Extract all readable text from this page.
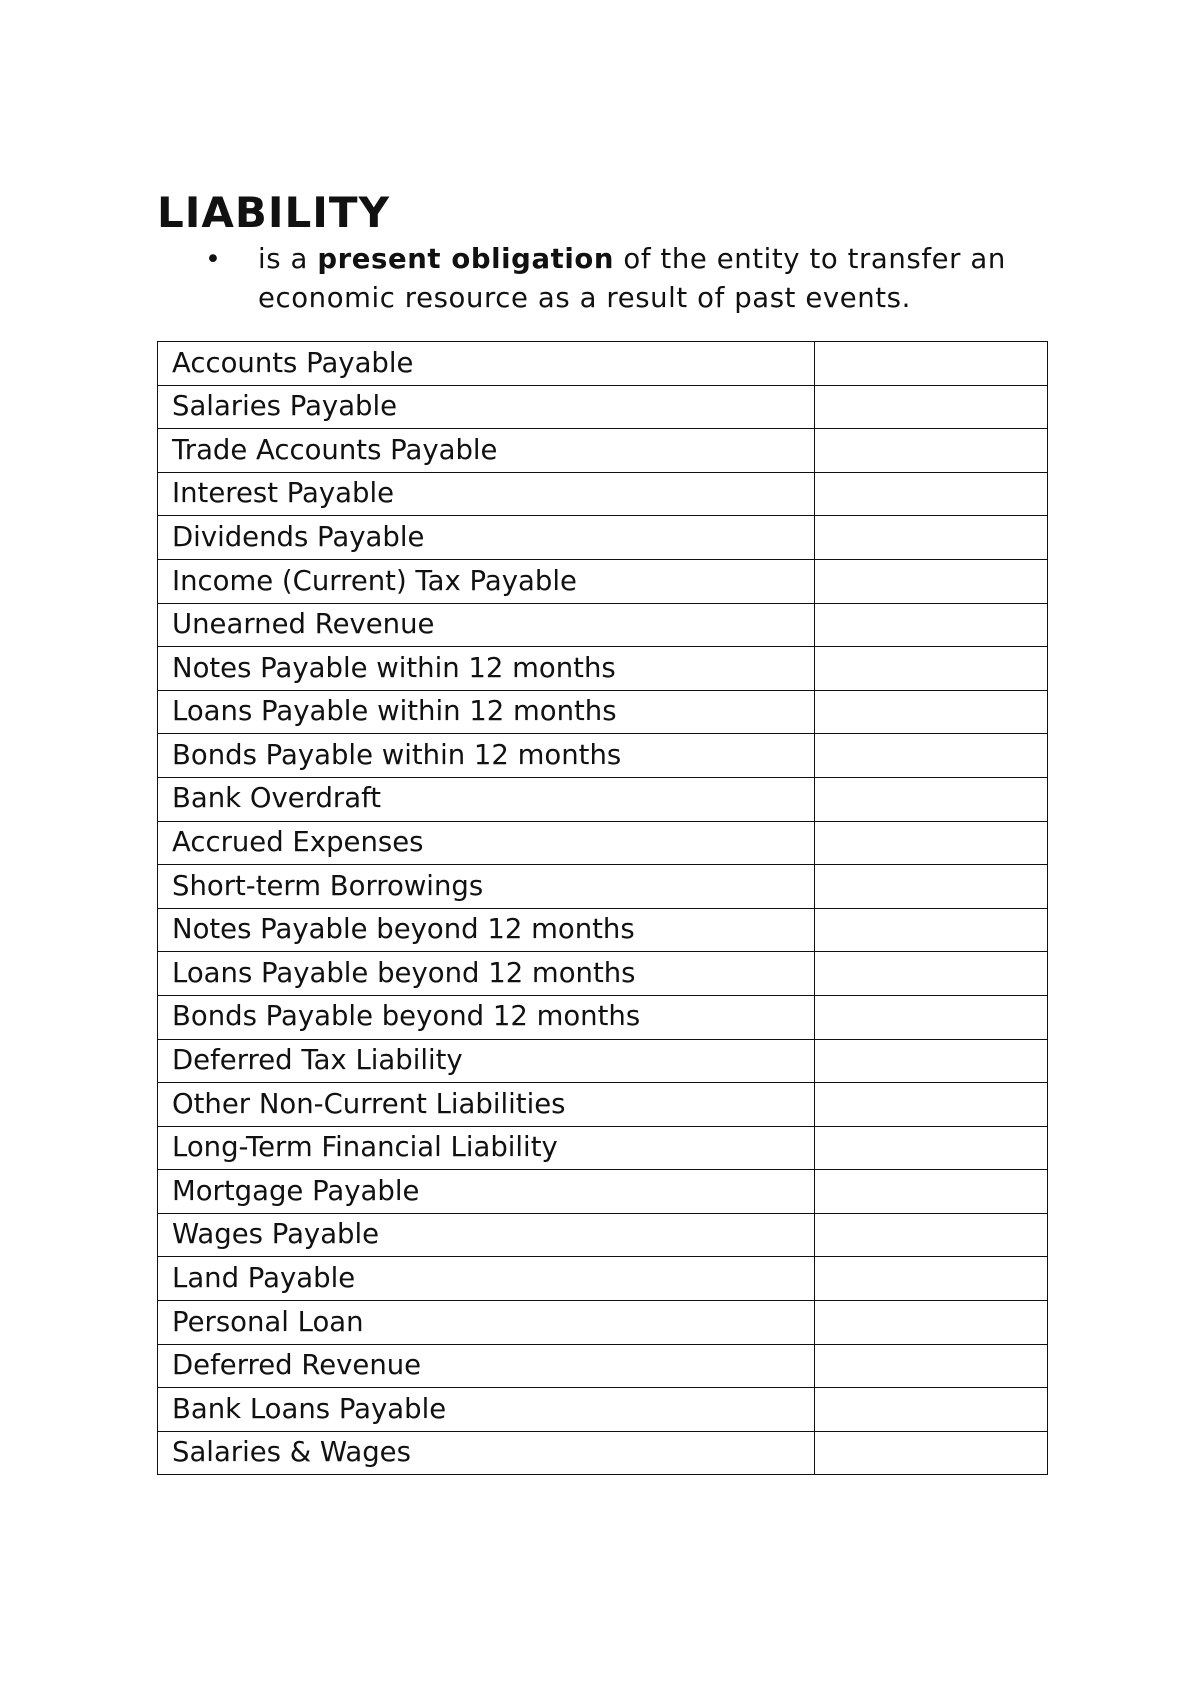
LIABILITY
• is a present obligation of the entity to transfer an economic resource as a result of past events.
Accounts Payable	
Salaries Payable	
Trade Accounts Payable	
Interest Payable	
Dividends Payable	
Income (Current) Tax Payable	
Unearned Revenue	
Notes Payable within 12 months	
Loans Payable within 12 months	
Bonds Payable within 12 months	
Bank Overdraft	
Accrued Expenses	
Short-term Borrowings	
Notes Payable beyond 12 months	
Loans Payable beyond 12 months	
Bonds Payable beyond 12 months	
Deferred Tax Liability	
Other Non-Current Liabilities	
Long-Term Financial Liability	
Mortgage Payable	
Wages Payable	
Land Payable	
Personal Loan	
Deferred Revenue	
Bank Loans Payable	
Salaries & Wages	
